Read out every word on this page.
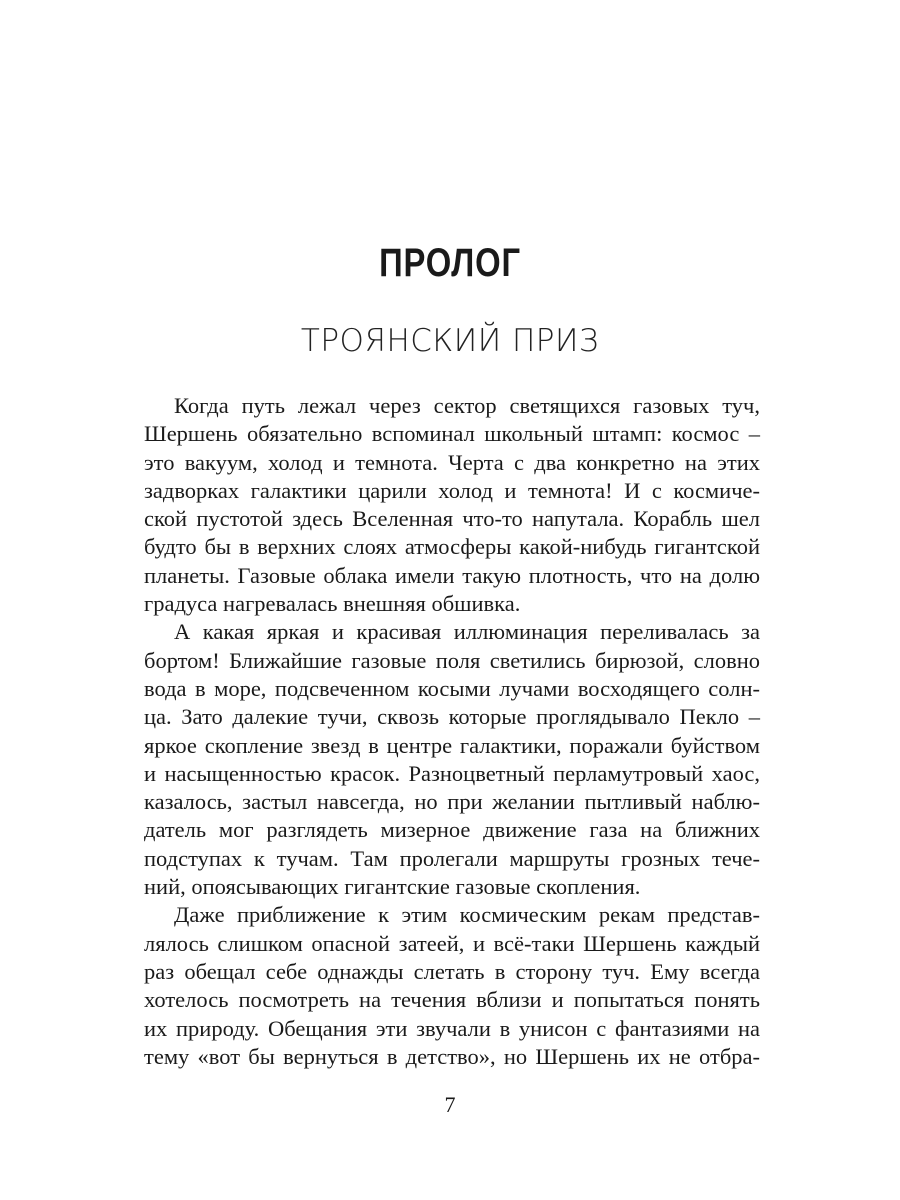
ПРОЛОГ
ТРОЯНСКИЙ ПРИЗ
Когда путь лежал через сектор светящихся газовых туч,
Шершень обязательно вспоминал школьный штамп: космос –
это вакуум, холод и темнота. Черта с два конкретно на этих
задворках галактики царили холод и темнота! И с космиче-
ской пустотой здесь Вселенная что-то напутала. Корабль шел
будто бы в верхних слоях атмосферы какой-нибудь гигантской
планеты. Газовые облака имели такую плотность, что на долю
градуса нагревалась внешняя обшивка.
А какая яркая и красивая иллюминация переливалась за
бортом! Ближайшие газовые поля светились бирюзой, словно
вода в море, подсвеченном косыми лучами восходящего солн-
ца. Зато далекие тучи, сквозь которые проглядывало Пекло –
яркое скопление звезд в центре галактики, поражали буйством
и насыщенностью красок. Разноцветный перламутровый хаос,
казалось, застыл навсегда, но при желании пытливый наблю-
датель мог разглядеть мизерное движение газа на ближних
подступах к тучам. Там пролегали маршруты грозных тече-
ний, опоясывающих гигантские газовые скопления.
Даже приближение к этим космическим рекам представ-
лялось слишком опасной затеей, и всё-таки Шершень каждый
раз обещал себе однажды слетать в сторону туч. Ему всегда
хотелось посмотреть на течения вблизи и попытаться понять
их природу. Обещания эти звучали в унисон с фантазиями на
тему «вот бы вернуться в детство», но Шершень их не отбра-
7
